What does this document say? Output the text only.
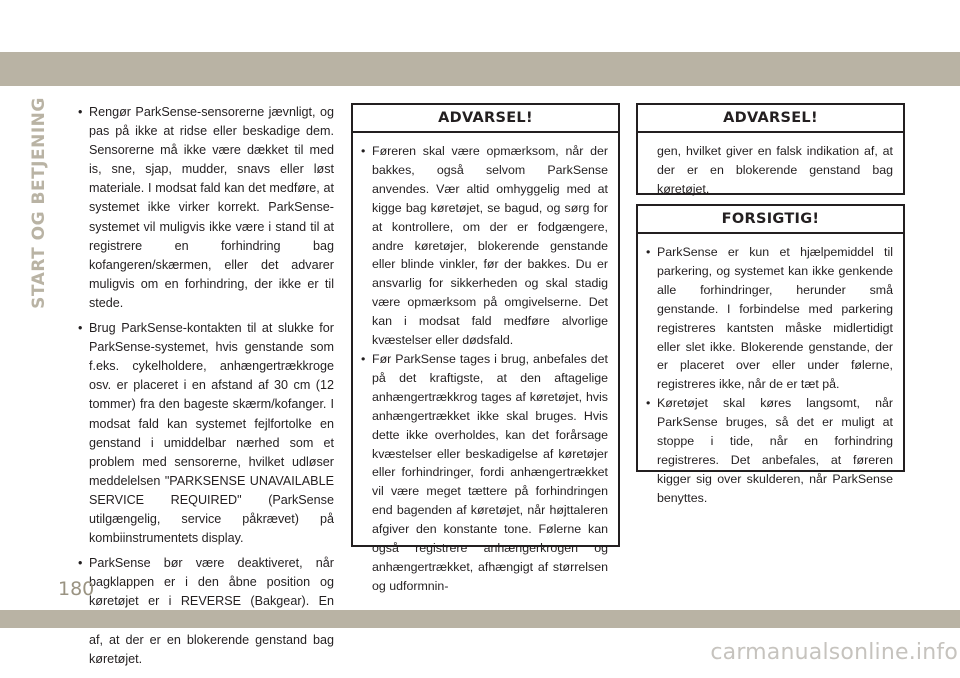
START OG BETJENING
•	Rengør ParkSense-sensorerne jævnligt, og pas på ikke at ridse eller beskadige dem. Sensorerne må ikke være dækket til med is, sne, sjap, mudder, snavs eller løst materiale. I modsat fald kan det medføre, at systemet ikke virker korrekt. ParkSense-systemet vil muligvis ikke være i stand til at registrere en forhindring bag kofangeren/skærmen, eller det advarer muligvis om en forhindring, der ikke er til stede.
• Brug ParkSense-kontakten til at slukke for ParkSense-systemet, hvis genstande som f.eks. cykelholdere, anhængertrækkroge osv. er placeret i en afstand af 30 cm (12 tommer) fra den bageste skærm/kofanger. I modsat fald kan systemet fejlfortolke en genstand i umiddelbar nærhed som et problem med sensorerne, hvilket udløser meddelelsen "PARKSENSE UNAVAILABLE SERVICE REQUIRED" (ParkSense utilgængelig, service påkrævet) på kombiinstrumentets display.
• ParkSense bør være deaktiveret, når bagklappen er i den åbne position og køretøjet er i REVERSE (Bakgear). En af, at der er en blokerende genstand bag køretøjet.
ADVARSEL!
• Føreren skal være opmærksom, når der bakkes, også selvom ParkSense anvendes. Vær altid omhyggelig med at kigge bag køretøjet, se bagud, og sørg for at kontrollere, om der er fodgængere, andre køretøjer, blokerende genstande eller blinde vinkler, før der bakkes. Du er ansvarlig for sikkerheden og skal stadig være opmærksom på omgivelserne. Det kan i modsat fald medføre alvorlige kvæstelser eller dødsfald.
• Før ParkSense tages i brug, anbefales det på det kraftigste, at den aftagelige anhængertrækkrog tages af køretøjet, hvis anhængertrækket ikke skal bruges. Hvis dette ikke overholdes, kan det forårsage kvæstelser eller beskadigelse af køretøjer eller forhindringer, fordi anhængertrækket vil være meget tættere på forhindringen end bagenden af køretøjet, når højttaleren afgiver den konstante tone. Følerne kan også registrere anhængerkrogen og anhængertrækket, afhængigt af størrelsen og udformnin-
ADVARSEL!
gen, hvilket giver en falsk indikation af, at der er en blokerende genstand bag køretøjet.
FORSIGTIG!
• ParkSense er kun et hjælpemiddel til parkering, og systemet kan ikke genkende alle forhindringer, herunder små genstande. I forbindelse med parkering registreres kantsten måske midlertidigt eller slet ikke. Blokerende genstande, der er placeret over eller under følerne, registreres ikke, når de er tæt på.
• Køretøjet skal køres langsomt, når ParkSense bruges, så det er muligt at stoppe i tide, når en forhindring registreres. Det anbefales, at føreren kigger sig over skulderen, når ParkSense benyttes.
180
carmanualsonline.info
